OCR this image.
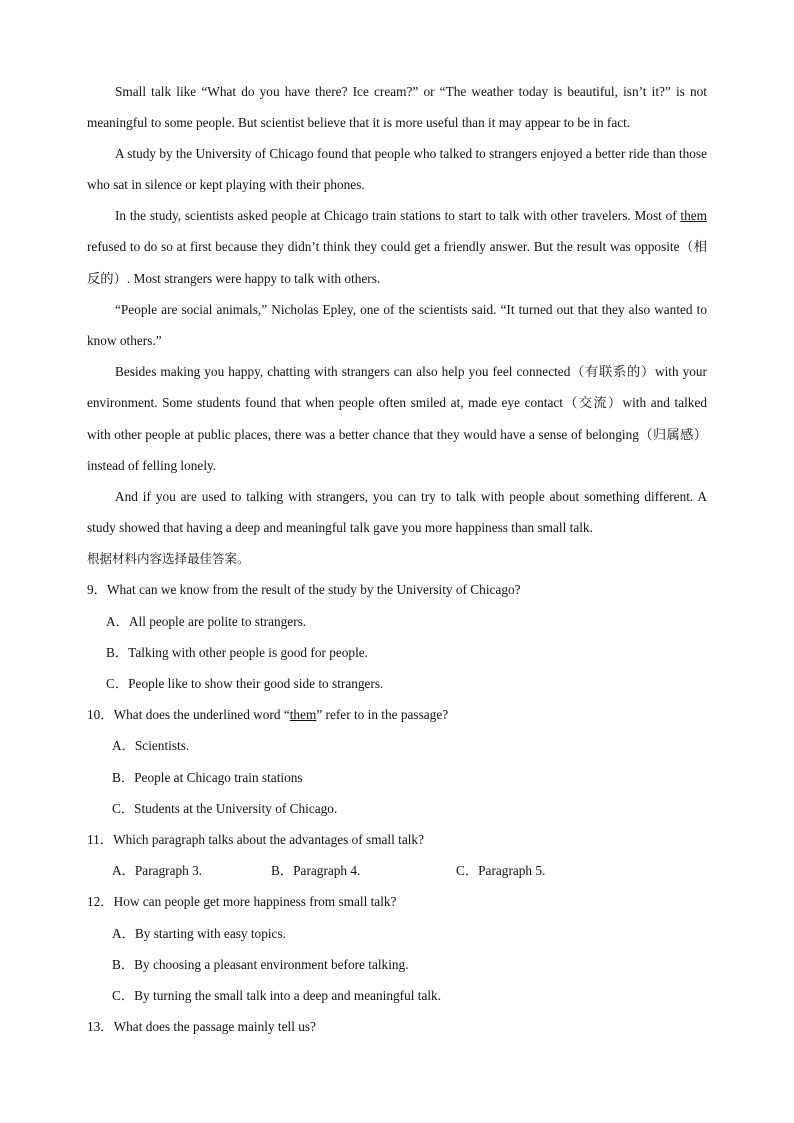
Small talk like “What do you have there? Ice cream?” or “The weather today is beautiful, isn’t it?” is not meaningful to some people. But scientist believe that it is more useful than it may appear to be in fact.

A study by the University of Chicago found that people who talked to strangers enjoyed a better ride than those who sat in silence or kept playing with their phones.

In the study, scientists asked people at Chicago train stations to start to talk with other travelers. Most of them refused to do so at first because they didn’t think they could get a friendly answer. But the result was opposite（相反的）. Most strangers were happy to talk with others.

“People are social animals,” Nicholas Epley, one of the scientists said. “It turned out that they also wanted to know others.”

Besides making you happy, chatting with strangers can also help you feel connected（有联系的）with your environment. Some students found that when people often smiled at, made eye contact（交流）with and talked with other people at public places, there was a better chance that they would have a sense of belonging（归属感）instead of felling lonely.

And if you are used to talking with strangers, you can try to talk with people about something different. A study showed that having a deep and meaningful talk gave you more happiness than small talk.

根据材料内容选择最佳答案。
9．What can we know from the result of the study by the University of Chicago?
A．All people are polite to strangers.
B．Talking with other people is good for people.
C．People like to show their good side to strangers.
10．What does the underlined word “them” refer to in the passage?
A．Scientists.
B．People at Chicago train stations
C．Students at the University of Chicago.
11．Which paragraph talks about the advantages of small talk?
A．Paragraph 3.	B．Paragraph 4.	C．Paragraph 5.
12．How can people get more happiness from small talk?
A．By starting with easy topics.
B．By choosing a pleasant environment before talking.
C．By turning the small talk into a deep and meaningful talk.
13．What does the passage mainly tell us?
